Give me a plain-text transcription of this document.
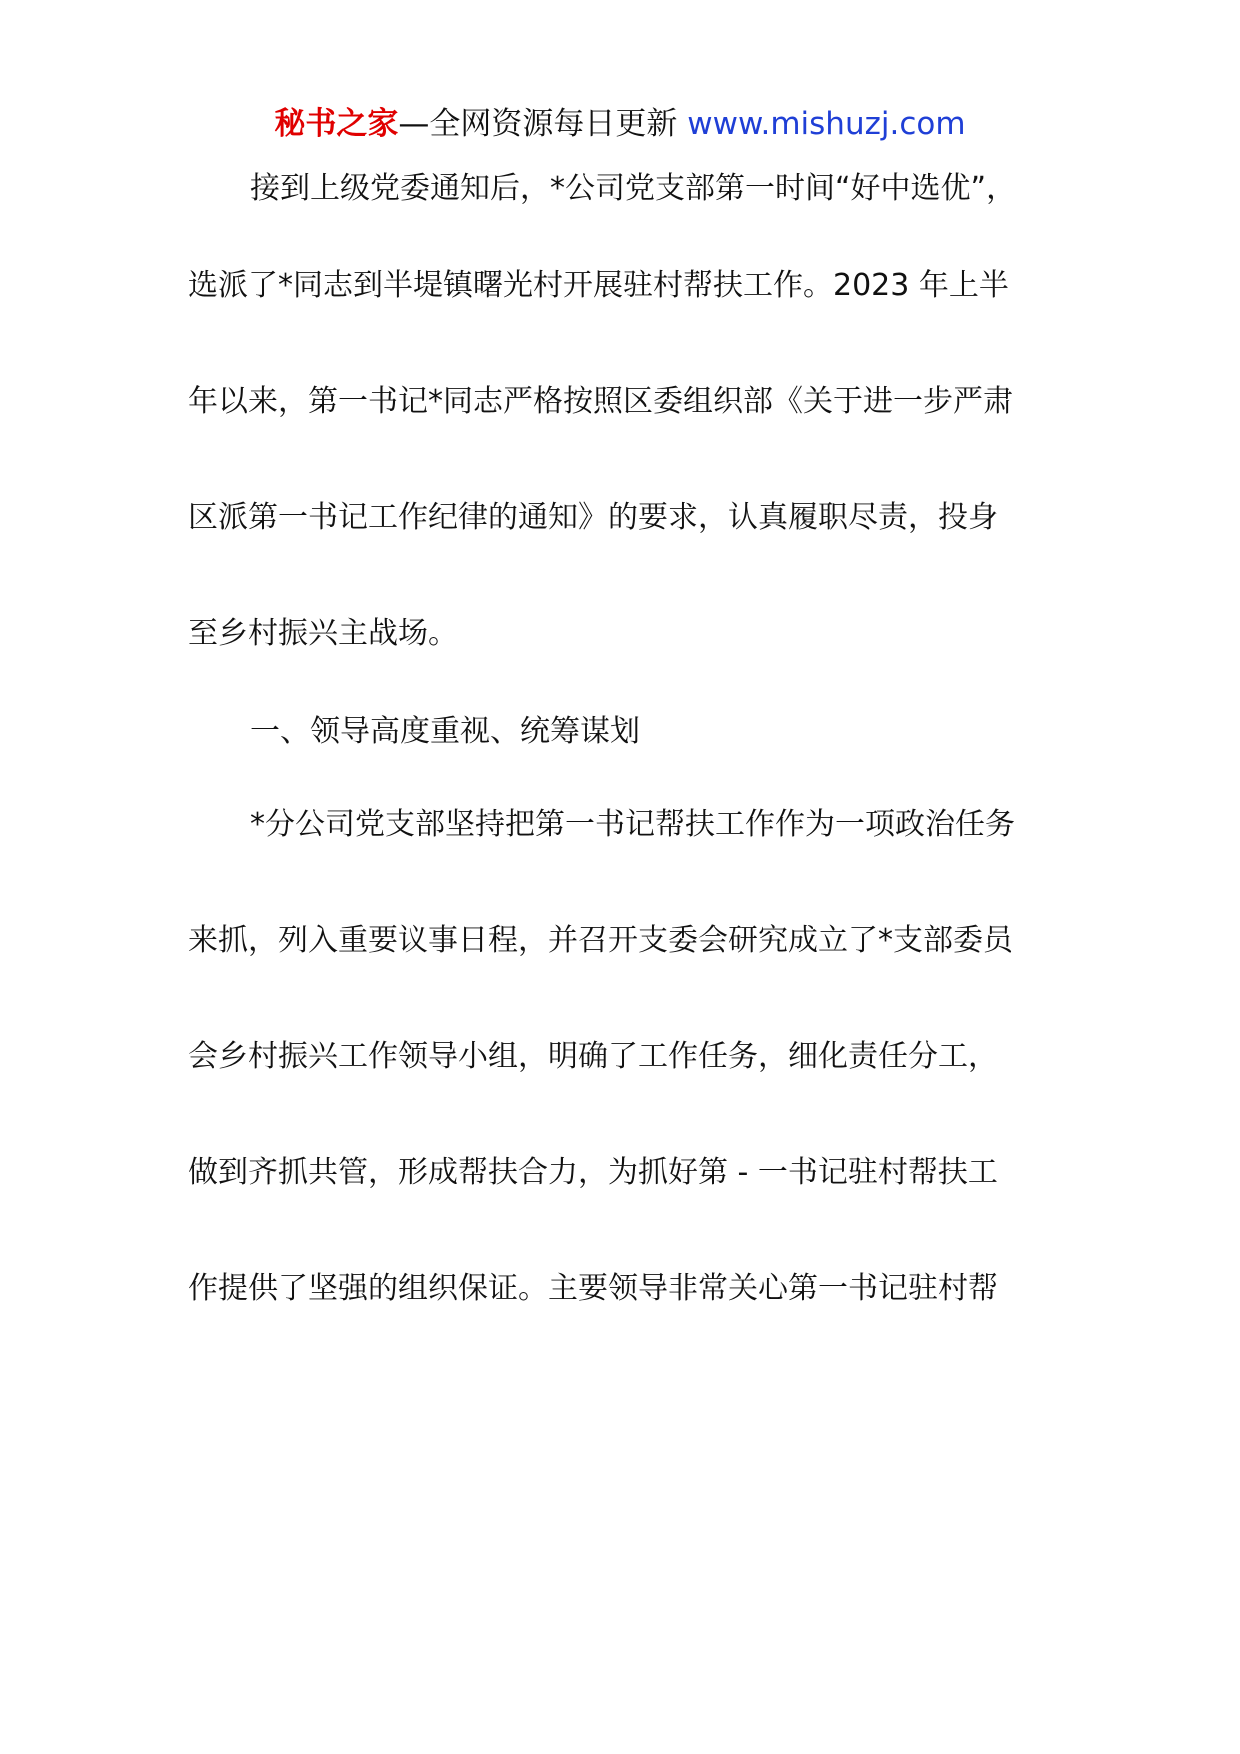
秘书之家—全网资源每日更新 www.mishuzj.com
接到上级党委通知后，*公司党支部第一时间“好中选优”，
选派了*同志到半堤镇曙光村开展驻村帮扶工作。2023 年上半
年以来，第一书记*同志严格按照区委组织部《关于进一步严肃
区派第一书记工作纪律的通知》的要求，认真履职尽责，投身
至乡村振兴主战场。
一、领导高度重视、统筹谋划
*分公司党支部坚持把第一书记帮扶工作作为一项政治任务
来抓，列入重要议事日程，并召开支委会研究成立了*支部委员
会乡村振兴工作领导小组，明确了工作任务，细化责任分工，
做到齐抓共管，形成帮扶合力，为抓好第 - 一书记驻村帮扶工
作提供了坚强的组织保证。主要领导非常关心第一书记驻村帮
